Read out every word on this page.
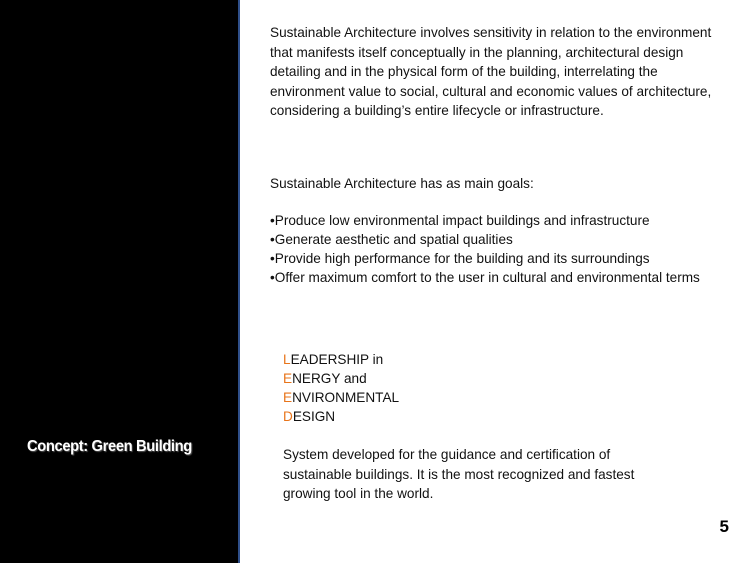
Concept: Green Building

Sustainable Architecture involves sensitivity in relation to the environment that manifests itself conceptually in the planning, architectural design detailing and in the physical form of the building, interrelating the environment value to social, cultural and economic values of architecture, considering a building’s entire lifecycle or infrastructure.

Sustainable Architecture has as main goals:

•Produce low environmental impact buildings and infrastructure
•Generate aesthetic and spatial qualities
•Provide high performance for the building and its surroundings
•Offer maximum comfort to the user in cultural and environmental terms
LEADERSHIP in
ENERGY and
ENVIRONMENTAL
DESIGN

System developed for the guidance and certification of sustainable buildings. It is the most recognized and fastest growing tool in the world.

5
